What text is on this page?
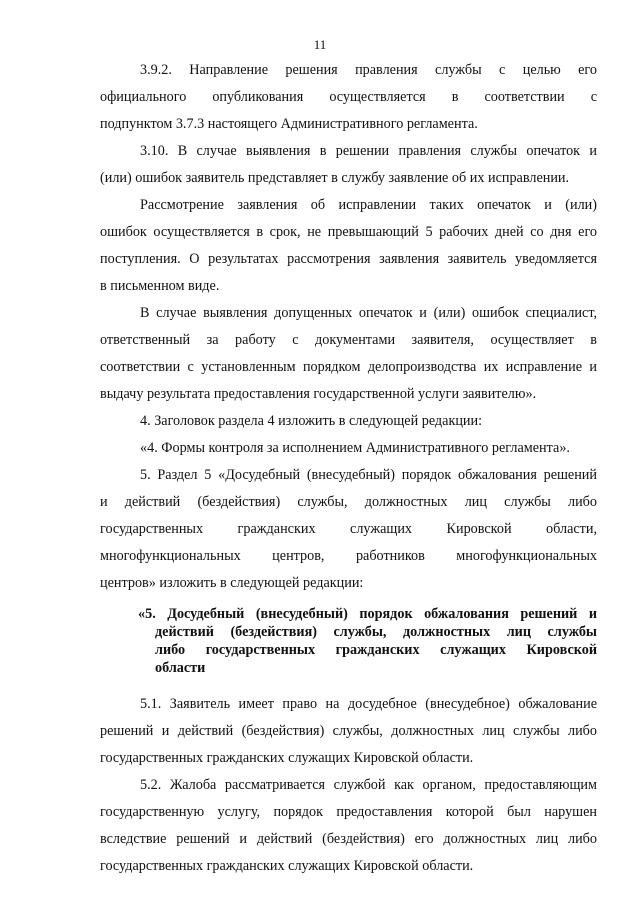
11
3.9.2. Направление решения правления службы с целью его
официального опубликования осуществляется в соответствии с
подпунктом 3.7.3 настоящего Административного регламента.
3.10. В случае выявления в решении правления службы опечаток и
(или) ошибок заявитель представляет в службу заявление об их исправлении.
Рассмотрение заявления об исправлении таких опечаток и (или)
ошибок осуществляется в срок, не превышающий 5 рабочих дней со дня его
поступления. О результатах рассмотрения заявления заявитель уведомляется
в письменном виде.
В случае выявления допущенных опечаток и (или) ошибок специалист,
ответственный за работу с документами заявителя, осуществляет в
соответствии с установленным порядком делопроизводства их исправление и
выдачу результата предоставления государственной услуги заявителю».
4. Заголовок раздела 4 изложить в следующей редакции:
«4. Формы контроля за исполнением Административного регламента».
5. Раздел 5 «Досудебный (внесудебный) порядок обжалования решений
и действий (бездействия) службы, должностных лиц службы либо
государственных гражданских служащих Кировской области,
многофункциональных центров, работников многофункциональных
центров» изложить в следующей редакции:
«5. Досудебный (внесудебный) порядок обжалования решений и
действий (бездействия) службы, должностных лиц службы
либо государственных гражданских служащих Кировской
области
5.1. Заявитель имеет право на досудебное (внесудебное) обжалование
решений и действий (бездействия) службы, должностных лиц службы либо
государственных гражданских служащих Кировской области.
5.2. Жалоба рассматривается службой как органом, предоставляющим
государственную услугу, порядок предоставления которой был нарушен
вследствие решений и действий (бездействия) его должностных лиц либо
государственных гражданских служащих Кировской области.
